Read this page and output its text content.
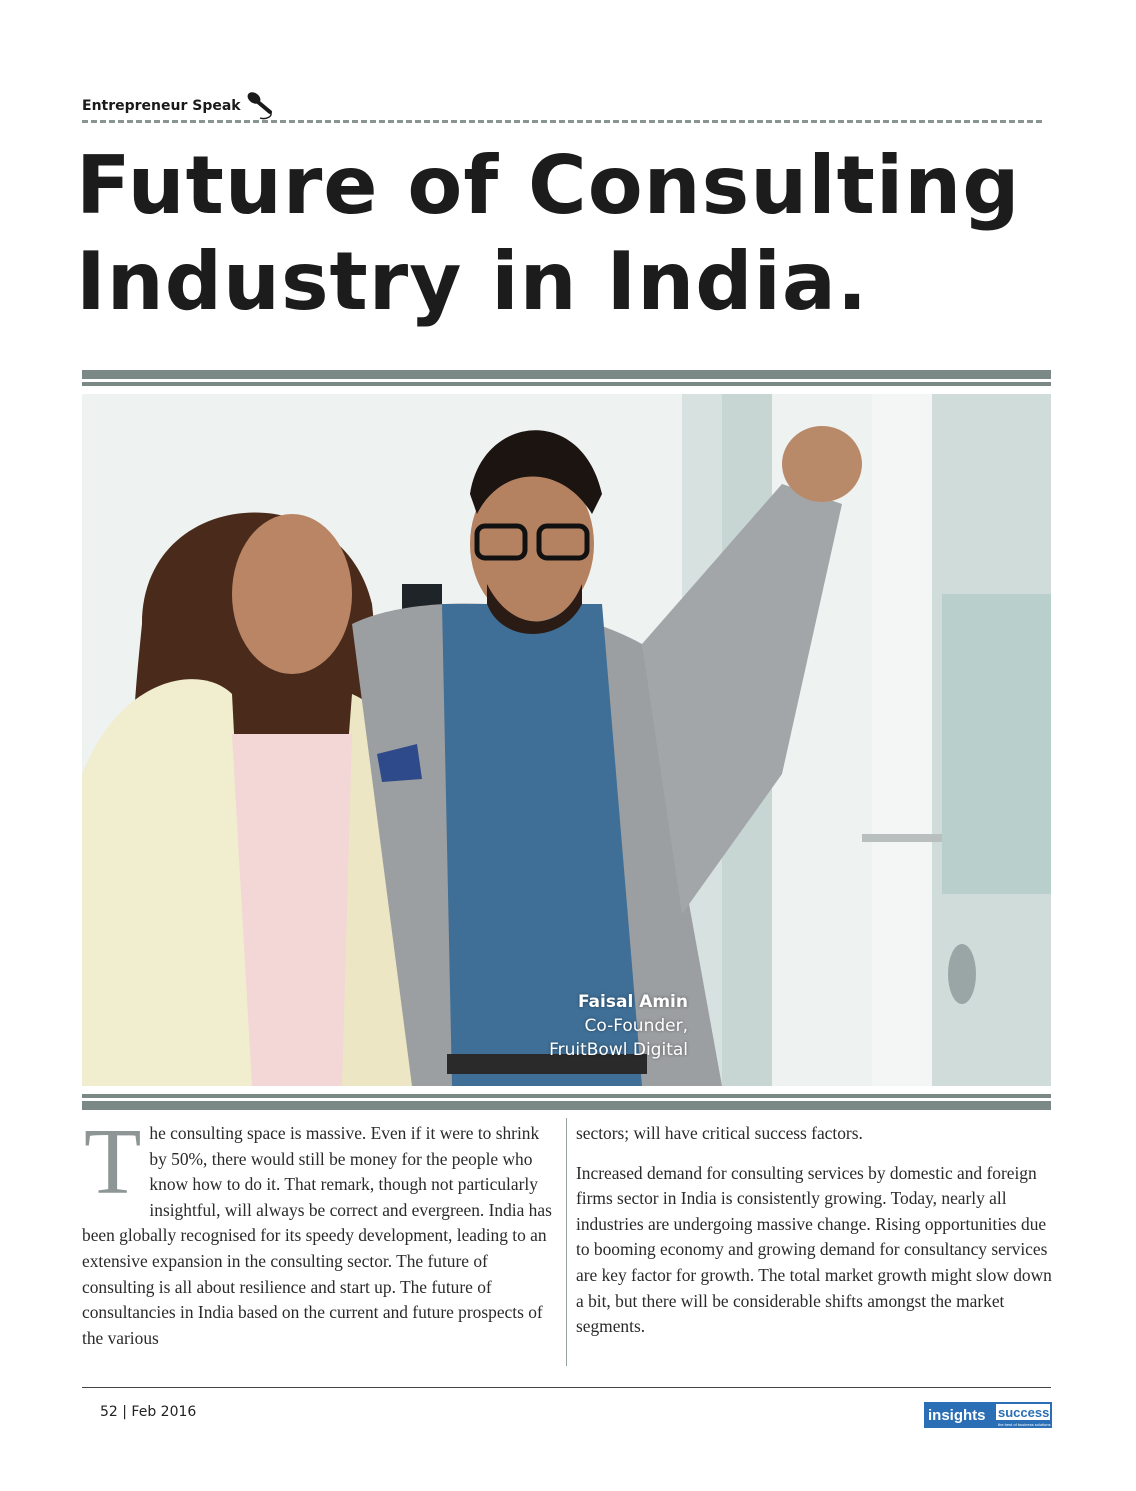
Entrepreneur Speak
Future of Consulting
Industry in India.
Faisal Amin
Co-Founder,
FruitBowl Digital
T he consulting space is massive. Even if it were to shrink by 50%, there would still be money for the people who know how to do it. That remark, though not particularly insightful, will always be correct and evergreen. India has been globally recognised for its speedy development, leading to an extensive expansion in the consulting sector. The future of consulting is all about resilience and start up. The future of consultancies in India based on the current and future prospects of the various

sectors; will have critical success factors.

Increased demand for consulting services by domestic and foreign firms sector in India is consistently growing. Today, nearly all industries are undergoing massive change. Rising opportunities due to booming economy and growing demand for consultancy services are key factor for growth. The total market growth might slow down a bit, but there will be considerable shifts amongst the market segments.

52 | Feb 2016	insights success
the best of business solutions
